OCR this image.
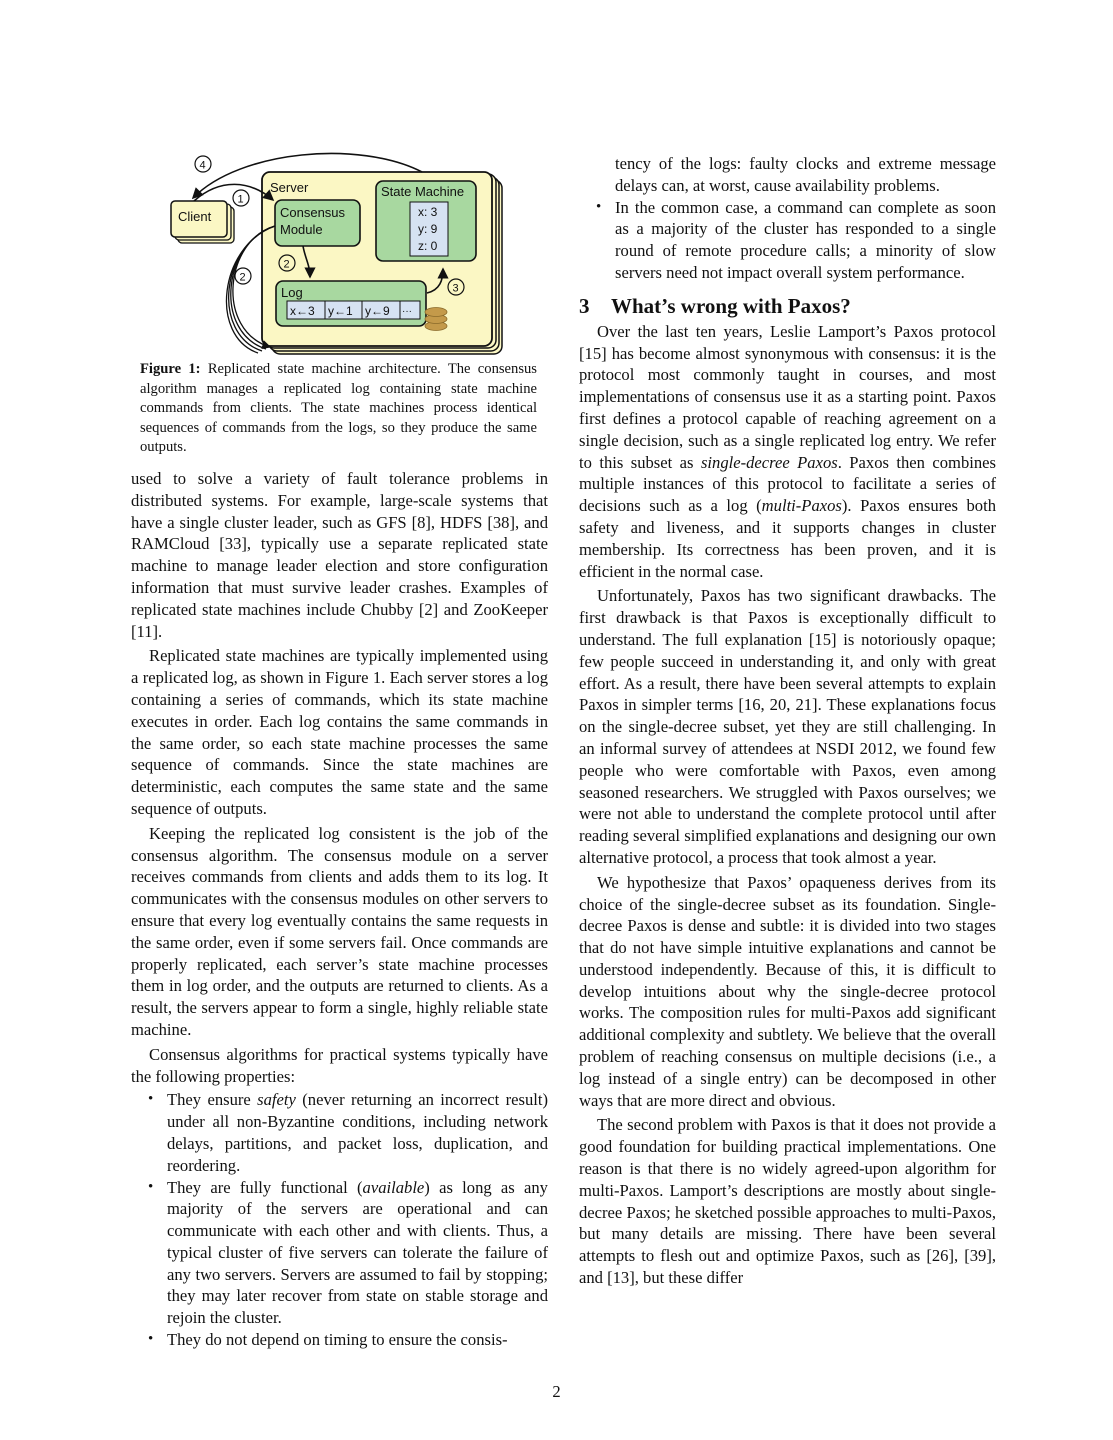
Server
Client	Consensus
Module
State Machine
x: 3
y: 9
z: 0
Log
x←3 y←1 y←9 ···
1
2
2
3
4
Figure 1: Replicated state machine architecture. The consensus algorithm manages a replicated log containing state machine commands from clients. The state machines process identical sequences of commands from the logs, so they produce the same outputs.

used to solve a variety of fault tolerance problems in distributed systems. For example, large-scale systems that have a single cluster leader, such as GFS [8], HDFS [38], and RAMCloud [33], typically use a separate replicated state machine to manage leader election and store configuration information that must survive leader crashes. Examples of replicated state machines include Chubby [2] and ZooKeeper [11].

Replicated state machines are typically implemented using a replicated log, as shown in Figure 1. Each server stores a log containing a series of commands, which its state machine executes in order. Each log contains the same commands in the same order, so each state machine processes the same sequence of commands. Since the state machines are deterministic, each computes the same state and the same sequence of outputs.

Keeping the replicated log consistent is the job of the consensus algorithm. The consensus module on a server receives commands from clients and adds them to its log. It communicates with the consensus modules on other servers to ensure that every log eventually contains the same requests in the same order, even if some servers fail. Once commands are properly replicated, each server’s state machine processes them in log order, and the outputs are returned to clients. As a result, the servers appear to form a single, highly reliable state machine.

Consensus algorithms for practical systems typically have the following properties:

• They ensure safety (never returning an incorrect result) under all non-Byzantine conditions, including network delays, partitions, and packet loss, duplication, and reordering.
• They are fully functional (available) as long as any majority of the servers are operational and can communicate with each other and with clients. Thus, a typical cluster of five servers can tolerate the failure of any two servers. Servers are assumed to fail by stopping; they may later recover from state on stable storage and rejoin the cluster.
• They do not depend on timing to ensure the consis-

tency of the logs: faulty clocks and extreme message delays can, at worst, cause availability problems.

• In the common case, a command can complete as soon as a majority of the cluster has responded to a single round of remote procedure calls; a minority of slow servers need not impact overall system performance.
3 What’s wrong with Paxos?

Over the last ten years, Leslie Lamport’s Paxos protocol [15] has become almost synonymous with consensus: it is the protocol most commonly taught in courses, and most implementations of consensus use it as a starting point. Paxos first defines a protocol capable of reaching agreement on a single decision, such as a single replicated log entry. We refer to this subset as single-decree Paxos. Paxos then combines multiple instances of this protocol to facilitate a series of decisions such as a log (multi-Paxos). Paxos ensures both safety and liveness, and it supports changes in cluster membership. Its correctness has been proven, and it is efficient in the normal case.

Unfortunately, Paxos has two significant drawbacks. The first drawback is that Paxos is exceptionally difficult to understand. The full explanation [15] is notoriously opaque; few people succeed in understanding it, and only with great effort. As a result, there have been several attempts to explain Paxos in simpler terms [16, 20, 21]. These explanations focus on the single-decree subset, yet they are still challenging. In an informal survey of attendees at NSDI 2012, we found few people who were comfortable with Paxos, even among seasoned researchers. We struggled with Paxos ourselves; we were not able to understand the complete protocol until after reading several simplified explanations and designing our own alternative protocol, a process that took almost a year.

We hypothesize that Paxos’ opaqueness derives from its choice of the single-decree subset as its foundation. Single-decree Paxos is dense and subtle: it is divided into two stages that do not have simple intuitive explanations and cannot be understood independently. Because of this, it is difficult to develop intuitions about why the single-decree protocol works. The composition rules for multi-Paxos add significant additional complexity and subtlety. We believe that the overall problem of reaching consensus on multiple decisions (i.e., a log instead of a single entry) can be decomposed in other ways that are more direct and obvious.

The second problem with Paxos is that it does not provide a good foundation for building practical implementations. One reason is that there is no widely agreed-upon algorithm for multi-Paxos. Lamport’s descriptions are mostly about single-decree Paxos; he sketched possible approaches to multi-Paxos, but many details are missing. There have been several attempts to flesh out and optimize Paxos, such as [26], [39], and [13], but these differ

2
